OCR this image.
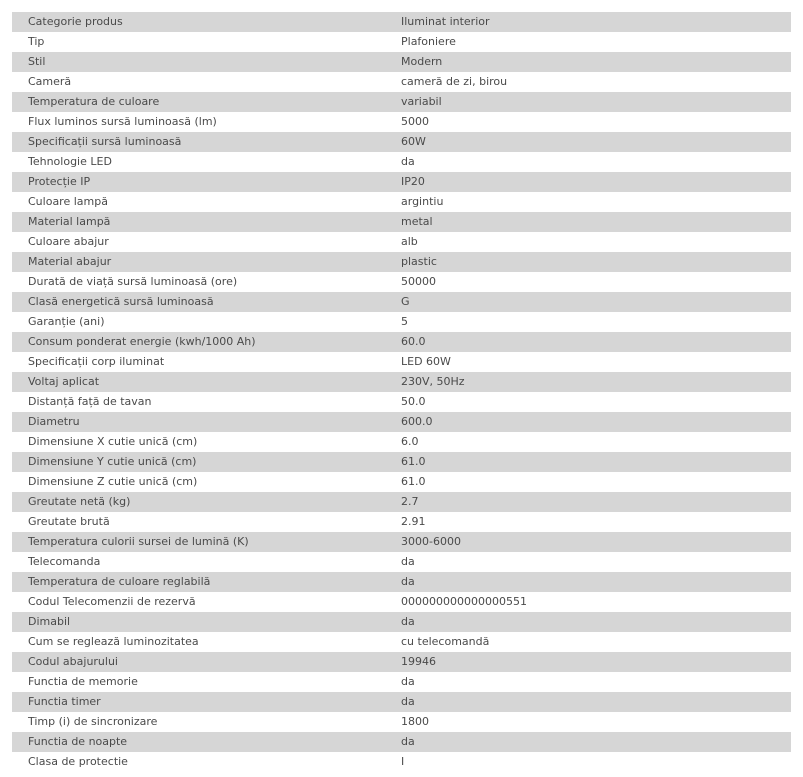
Categorie produs	Iluminat interior
Tip	Plafoniere
Stil	Modern
Cameră	cameră de zi, birou
Temperatura de culoare	variabil
Flux luminos sursă luminoasă (lm)	5000
Specificații sursă luminoasă	60W
Tehnologie LED	da
Protecție IP	IP20
Culoare lampă	argintiu
Material lampă	metal
Culoare abajur	alb
Material abajur	plastic
Durată de viață sursă luminoasă (ore)	50000
Clasă energetică sursă luminoasă	G
Garanție (ani)	5
Consum ponderat energie (kwh/1000 Ah)	60.0
Specificații corp iluminat	LED 60W
Voltaj aplicat	230V, 50Hz
Distanță față de tavan	50.0
Diametru	600.0
Dimensiune X cutie unică (cm)	6.0
Dimensiune Y cutie unică (cm)	61.0
Dimensiune Z cutie unică (cm)	61.0
Greutate netă (kg)	2.7
Greutate brută	2.91
Temperatura culorii sursei de lumină (K)	3000-6000
Telecomanda	da
Temperatura de culoare reglabilă	da
Codul Telecomenzii de rezervă	000000000000000551
Dimabil	da
Cum se reglează luminozitatea	cu telecomandă
Codul abajurului	19946
Functia de memorie	da
Functia timer	da
Timp (i) de sincronizare	1800
Functia de noapte	da
Clasa de protectie	I
